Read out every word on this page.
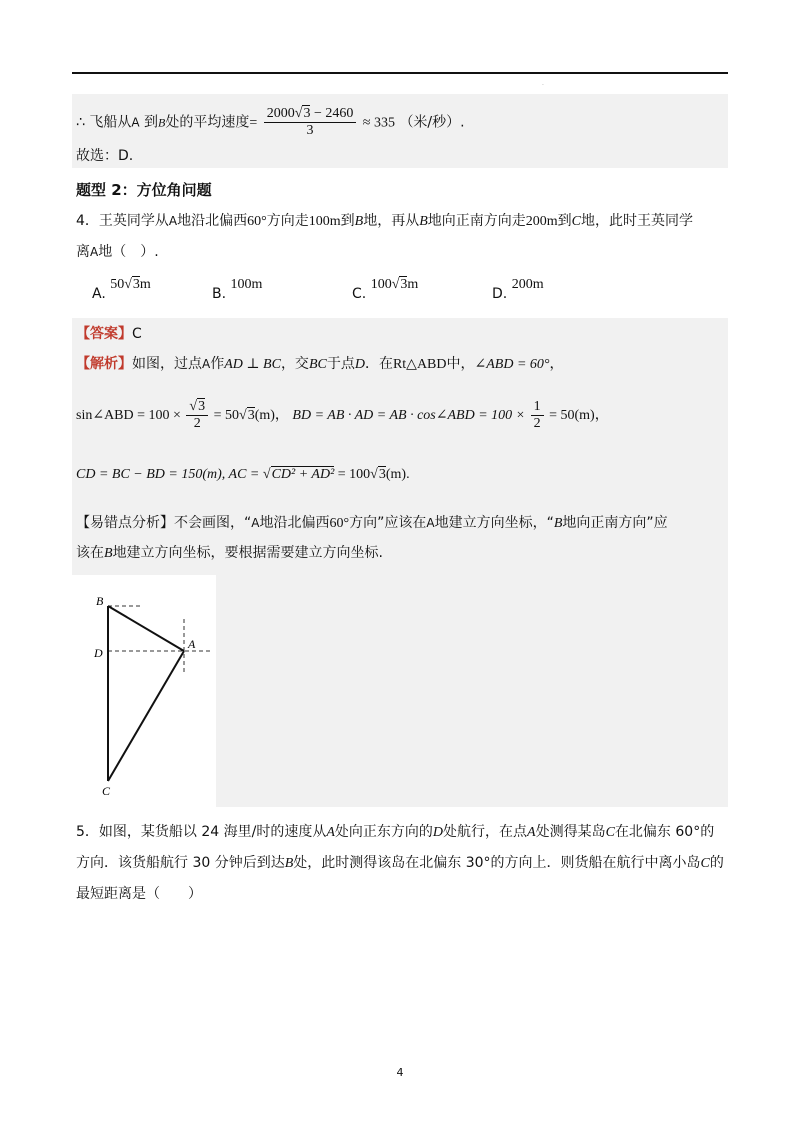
·
∴ 飞船从A 到B处的平均速度= $\frac{2000√3 - 2460}{3} \approx 335$ （米/秒）.
故选：D.
题型 2：方位角问题
4．王英同学从A地沿北偏西60°方向走100m到B地，再从B地向正南方向走200m到C地，此时王英同学
离A地（　）.
A. 50√3m
B. 100m
C. 100√3m
D. 200m
【答案】C
【解析】如图，过点A作AD ⊥ BC，交BC于点D．在Rt△ABD中，∠ABD = 60°，
sin∠ABD = $100 \times \frac{√3}{2} = 50√3(m)$， BD = AB · AD = AB · cos∠ABD = $100 \times \frac{1}{2} = 50(m)$，
CD = BC − BD = 150(m), AC = √CD² + AD² = 100√3(m).
【易错点分析】不会画图，“A地沿北偏西60°方向”应该在A地建立方向坐标，“B地向正南方向”应
该在B地建立方向坐标，要根据需要建立方向坐标.
B
D
A
C
5．如图，某货船以 24 海里/时的速度从A处向正东方向的D处航行，在点A处测得某岛C在北偏东 60°的
方向．该货船航行 30 分钟后到达B处，此时测得该岛在北偏东 30°的方向上．则货船在航行中离小岛C的
最短距离是（　　）
4
